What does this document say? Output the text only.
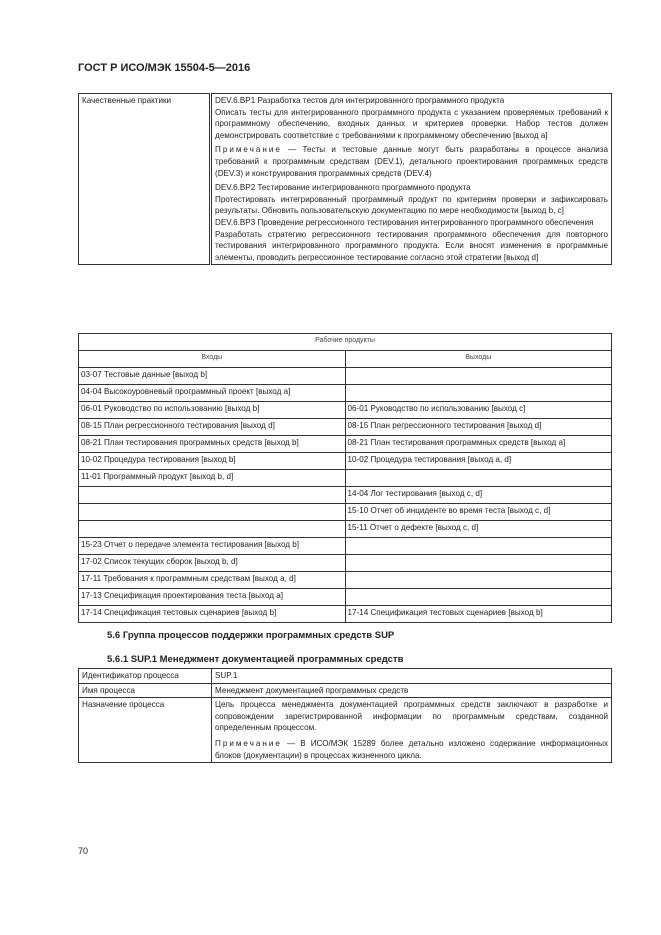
ГОСТ Р ИСО/МЭК 15504-5—2016
Качественные практики	DEV.6.BP1 Разработка тестов для интегрированного программного продукта

Описать тесты для интегрированного программного продукта с указанием проверяемых требований к программному обеспечению, входных данных и критериев проверки. Набор тестов должен демонстрировать соответствие с требованиями к программному обеспечению [выход a]

Примечание — Тесты и тестовые данные могут быть разработаны в процессе анализа требований к программным средствам (DEV.1), детального проектирования программных средств (DEV.3) и конструирования программных средств (DEV.4)

DEV.6.BP2 Тестирование интегрированного программного продукта

Протестировать интегрированный программный продукт по критериям проверки и зафиксировать результаты. Обновить пользовательскую документацию по мере необходимости [выход b, c]

DEV.6.BP3 Проведение регрессионного тестирования интегрированного программного обеспечения

Разработать стратегию регрессионного тестирования программного обеспечения для повторного тестирования интегрированного программного продукта. Если вносят изменения в программные элементы, проводить регрессионное тестирование согласно этой стратегии [выход d]

Рабочие продукты	
Входы	Выходы
03-07 Тестовые данные [выход b]	
04-04 Высокоуровневый программный проект [выход a]	
06-01 Руководство по использованию [выход b]	06-01 Руководство по использованию [выход c]
08-15 План регрессионного тестирования [выход d]	08-15 План регрессионного тестирования [выход d]
08-21 План тестирования программных средств [выход b]	08-21 План тестирования программных средств [выход a]
10-02 Процедура тестирования [выход b]	10-02 Процедура тестирования [выход a, d]
11-01 Программный продукт [выход b, d]	
	14-04 Лог тестирования [выход c, d]
	15-10 Отчет об инциденте во время теста [выход c, d]
	15-11 Отчет о дефекте [выход c, d]
15-23 Отчет о передаче элемента тестирования [выход b]	
17-02 Список текущих сборок [выход b, d]	
17-11 Требования к программным средствам [выход a, d]	
17-13 Спецификация проектирования теста [выход a]	
17-14 Спецификация тестовых сценариев [выход b]	17-14 Спецификация тестовых сценариев [выход b]
5.6 Группа процессов поддержки программных средств SUP
5.6.1 SUP.1 Менеджмент документацией программных средств
Идентификатор процесса	SUP.1
Имя процесса	Менеджмент документацией программных средств
Назначение процесса	Цель процесса менеджмента документацией программных средств заключают в разработке и сопровождении зарегистрированной информации по программным средствам, созданной определенным процессом.

Примечание — В ИСО/МЭК 15289 более детально изложено содержание информационных блоков (документации) в процессах жизненного цикла.

70
